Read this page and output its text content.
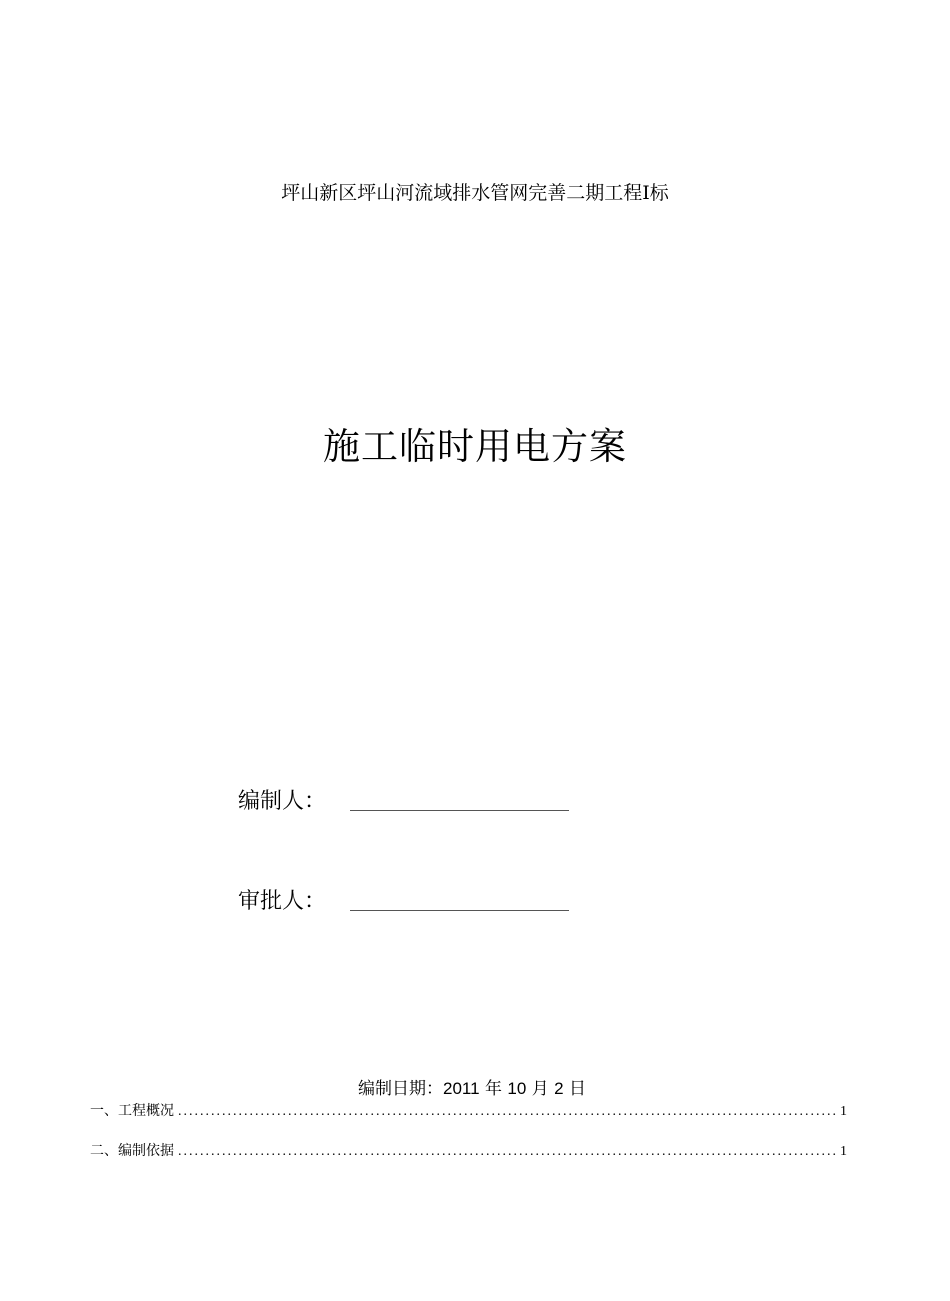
坪山新区坪山河流域排水管网完善二期工程Ⅰ标
施工临时用电方案
编制人：
审批人：
编制日期：2011 年 10 月 2 日
一、工程概况 ........................................................................................................................ 1
二、编制依据 ........................................................................................................................ 1
